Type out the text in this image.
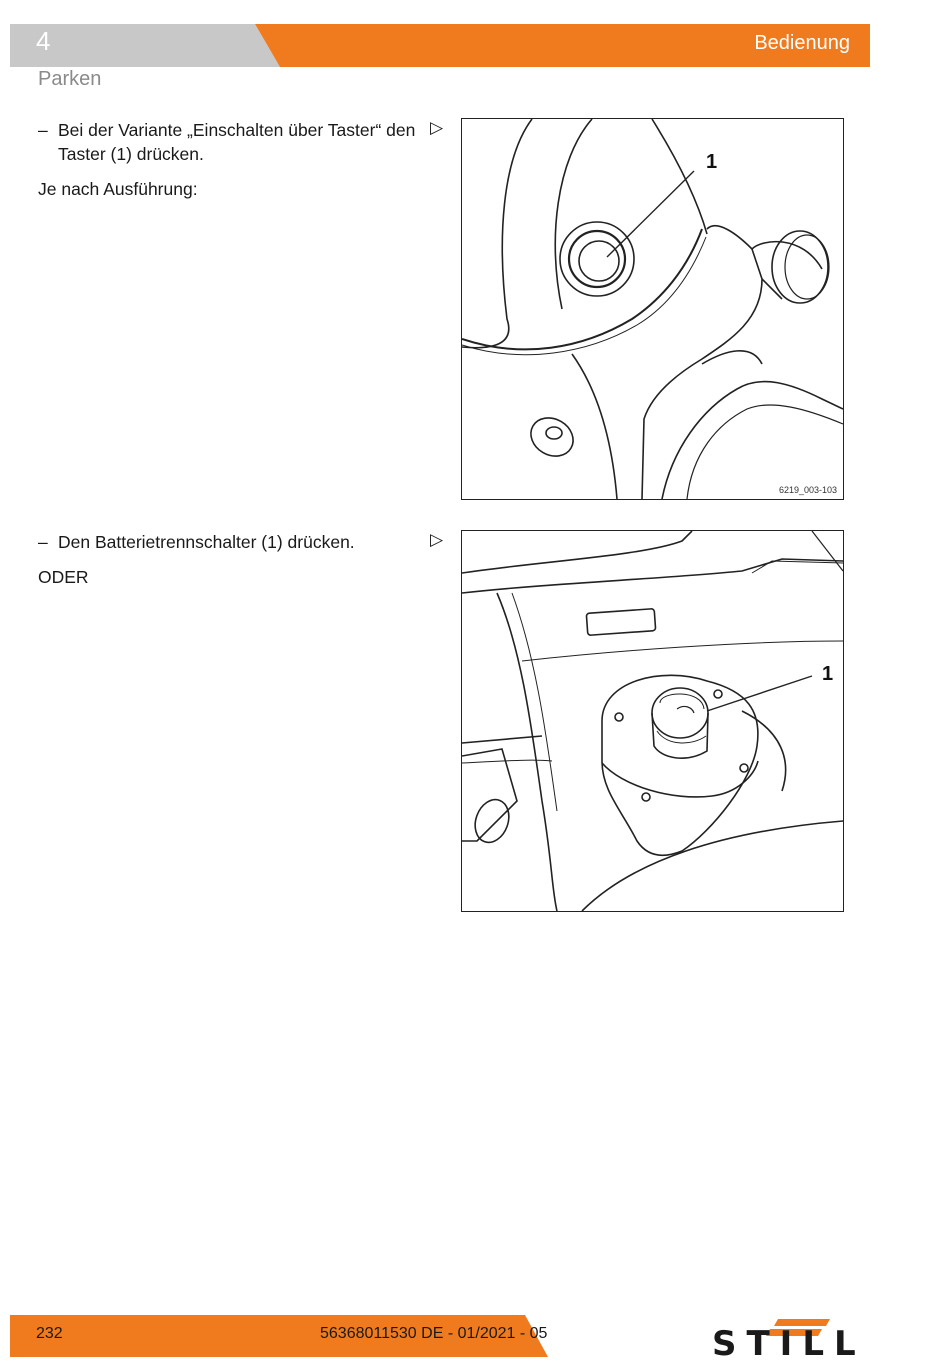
4	Bedienung
Parken
– Bei der Variante „Einschalten über Taster“ den Taster (1) drücken.
Je nach Ausführung:
▷
1
6219_003-103
– Den Batterietrennschalter (1) drücken.
ODER
▷
1
232	56368011530 DE - 01/2021 - 05	STILL
